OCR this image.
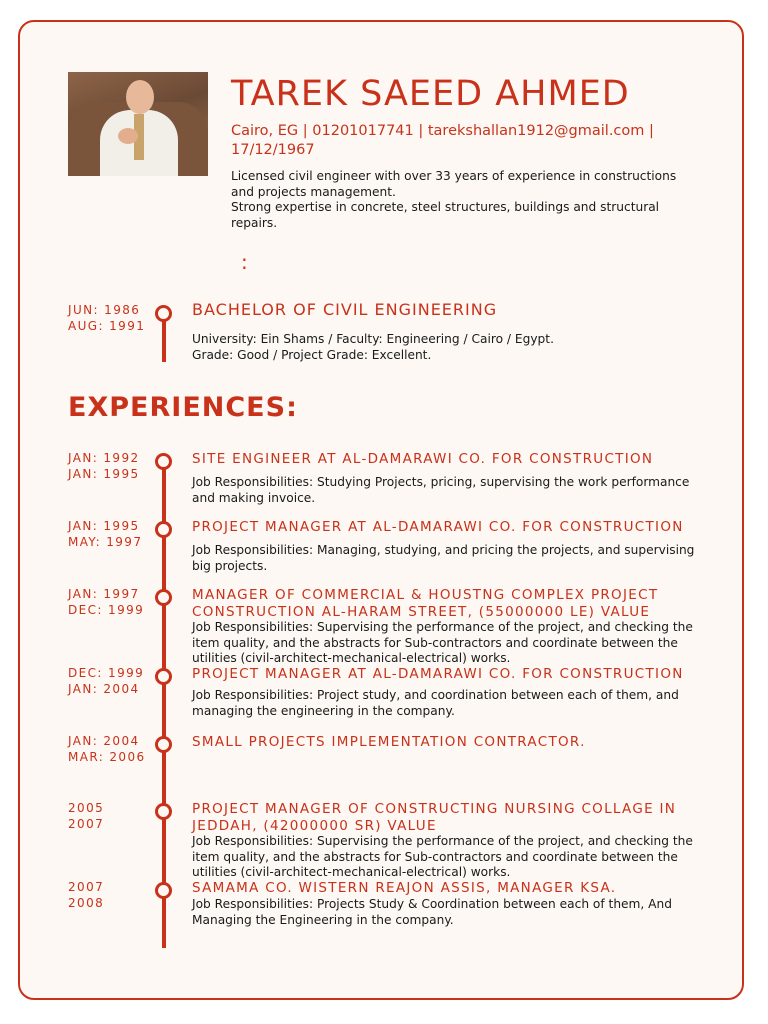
TAREK SAEED AHMED
Cairo, EG | 01201017741 | tarekshallan1912@gmail.com | 17/12/1967
Licensed civil engineer with over 33 years of experience in constructions and projects management.
Strong expertise in concrete, steel structures, buildings and structural repairs.
:
JUN: 1986
AUG: 1991
BACHELOR OF CIVIL ENGINEERING
University: Ein Shams / Faculty: Engineering / Cairo / Egypt.
Grade: Good / Project Grade: Excellent.
EXPERIENCES:
JAN: 1992
JAN: 1995
SITE ENGINEER AT AL-DAMARAWI CO. FOR CONSTRUCTION
Job Responsibilities: Studying Projects, pricing, supervising the work performance and making invoice.
JAN: 1995
MAY: 1997
PROJECT MANAGER AT AL-DAMARAWI CO. FOR CONSTRUCTION
Job Responsibilities: Managing, studying, and pricing the projects, and supervising big projects.
JAN: 1997
DEC: 1999
MANAGER OF COMMERCIAL & HOUSTNG COMPLEX PROJECT CONSTRUCTION AL-HARAM STREET, (55000000 LE) VALUE
Job Responsibilities: Supervising the performance of the project, and checking the item quality, and the abstracts for Sub-contractors and coordinate between the utilities (civil-architect-mechanical-electrical) works.
DEC: 1999
JAN: 2004
PROJECT MANAGER AT AL-DAMARAWI CO. FOR CONSTRUCTION
Job Responsibilities: Project study, and coordination between each of them, and managing the engineering in the company.
JAN: 2004
MAR: 2006
SMALL PROJECTS IMPLEMENTATION CONTRACTOR.
2005
2007
PROJECT MANAGER OF CONSTRUCTING NURSING COLLAGE IN JEDDAH, (42000000 SR) VALUE
Job Responsibilities: Supervising the performance of the project, and checking the item quality, and the abstracts for Sub-contractors and coordinate between the utilities (civil-architect-mechanical-electrical) works.
2007
2008
SAMAMA CO. WISTERN REAJON ASSIS, MANAGER KSA.
Job Responsibilities: Projects Study & Coordination between each of them, And Managing the Engineering in the company.
